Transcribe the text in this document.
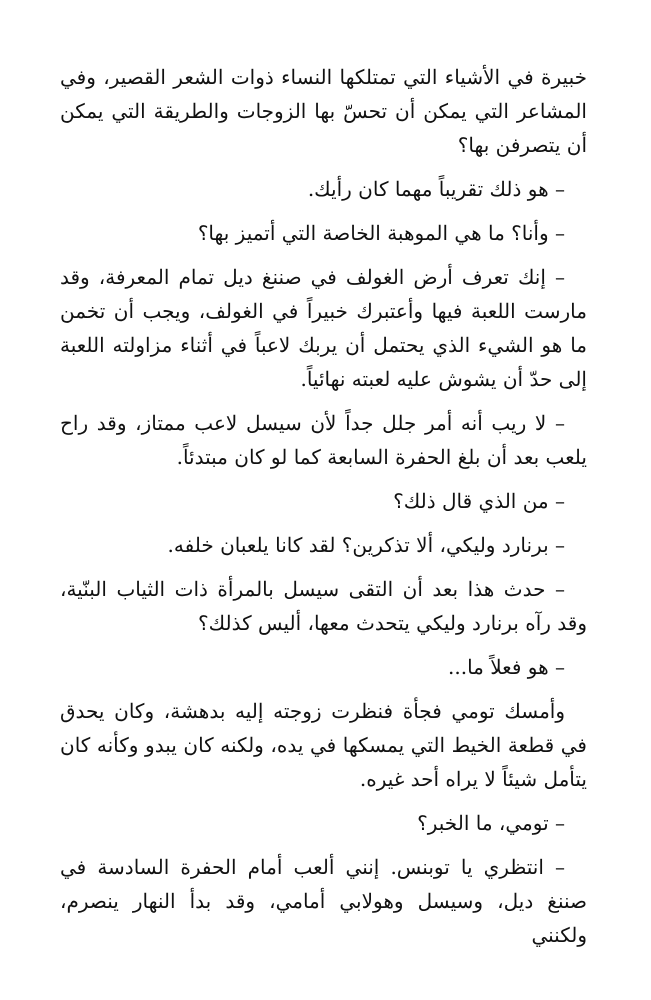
خبيرة في الأشياء التي تمتلكها النساء ذوات الشعر القصير، وفي المشاعر التي يمكن أن تحسّ بها الزوجات والطريقة التي يمكن أن يتصرفن بها؟

– هو ذلك تقريباً مهما كان رأيك.

– وأنا؟ ما هي الموهبة الخاصة التي أتميز بها؟

– إنك تعرف أرض الغولف في صننغ ديل تمام المعرفة، وقد مارست اللعبة فيها وأعتبرك خبيراً في الغولف، ويجب أن تخمن ما هو الشيء الذي يحتمل أن يربك لاعباً في أثناء مزاولته اللعبة إلى حدّ أن يشوش عليه لعبته نهائياً.

– لا ريب أنه أمر جلل جداً لأن سيسل لاعب ممتاز، وقد راح يلعب بعد أن بلغ الحفرة السابعة كما لو كان مبتدئاً.

– من الذي قال ذلك؟

– برنارد وليكي، ألا تذكرين؟ لقد كانا يلعبان خلفه.

– حدث هذا بعد أن التقى سيسل بالمرأة ذات الثياب البنّية، وقد رآه برنارد وليكي يتحدث معها، أليس كذلك؟

– هو فعلاً ما...

وأمسك تومي فجأة فنظرت زوجته إليه بدهشة، وكان يحدق في قطعة الخيط التي يمسكها في يده، ولكنه كان يبدو وكأنه كان يتأمل شيئاً لا يراه أحد غيره.

– تومي، ما الخبر؟

– انتظري يا توبنس. إنني ألعب أمام الحفرة السادسة في صننغ ديل، وسيسل وهولابي أمامي، وقد بدأ النهار ينصرم، ولكنني
